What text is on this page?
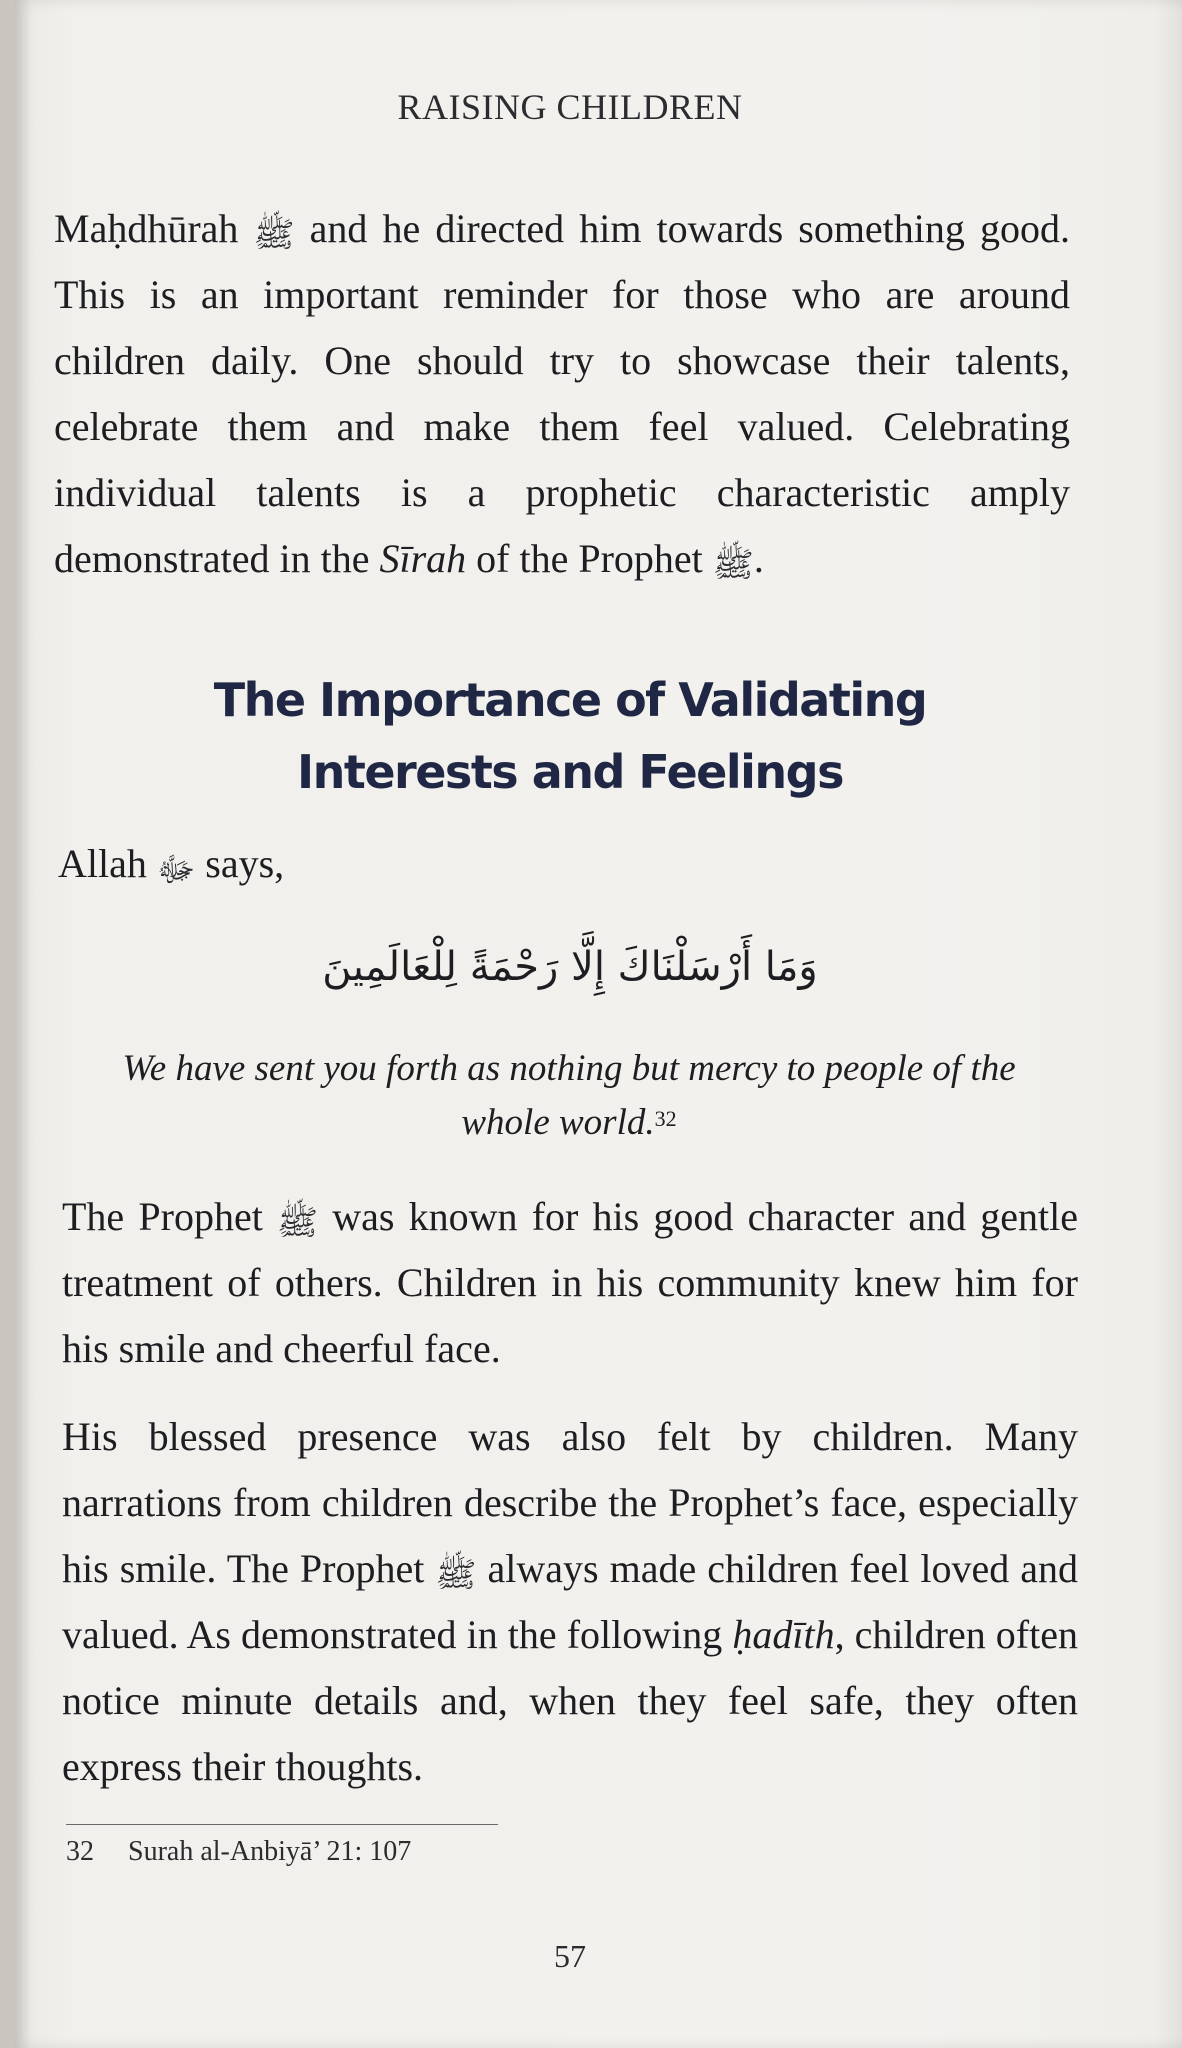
RAISING CHILDREN

Maḥdhūrah ﷺ and he directed him towards something good. This is an important reminder for those who are around children daily. One should try to showcase their talents, celebrate them and make them feel valued. Celebrating individual talents is a prophetic characteristic amply demonstrated in the Sīrah of the Prophet ﷺ.

The Importance of Validating
Interests and Feelings

Allah ﷻ says,

وَمَا أَرْسَلْنَاكَ إِلَّا رَحْمَةً لِلْعَالَمِينَ

We have sent you forth as nothing but mercy to people of the whole world.$^{32}$

The Prophet ﷺ was known for his good character and gentle treatment of others. Children in his community knew him for his smile and cheerful face.

His blessed presence was also felt by children. Many narrations from children describe the Prophet’s face, especially his smile. The Prophet ﷺ always made children feel loved and valued. As demonstrated in the following ḥadīth, children often notice minute details and, when they feel safe, they often express their thoughts.

32 Surah al-Anbiyā’ 21: 107
57
